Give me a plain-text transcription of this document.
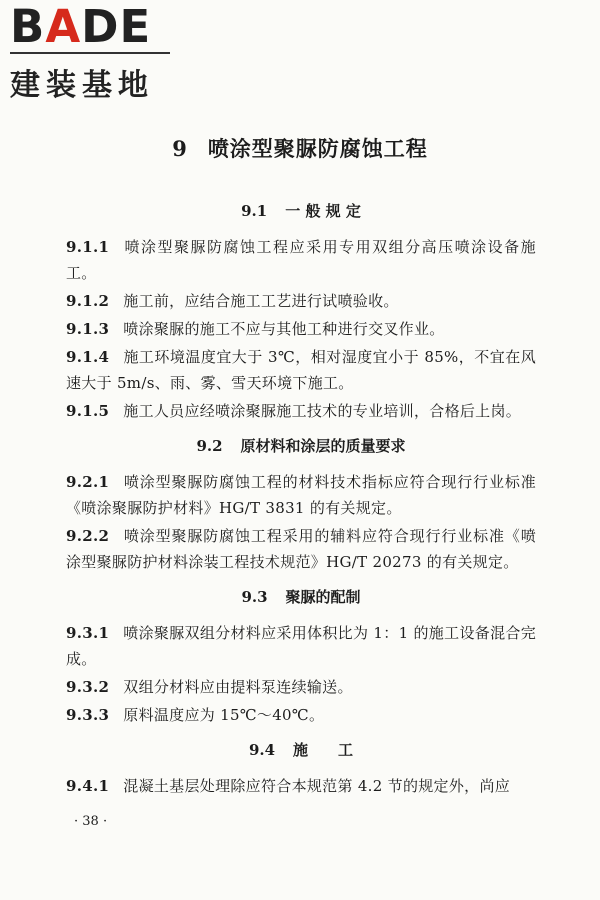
BADE
建装基地
9 喷涂型聚脲防腐蚀工程
9.1 一 般 规 定

9.1.1 喷涂型聚脲防腐蚀工程应采用专用双组分高压喷涂设备施工。

9.1.2 施工前，应结合施工工艺进行试喷验收。

9.1.3 喷涂聚脲的施工不应与其他工种进行交叉作业。

9.1.4 施工环境温度宜大于 3℃，相对湿度宜小于 85%，不宜在风速大于 5m/s、雨、雾、雪天环境下施工。

9.1.5 施工人员应经喷涂聚脲施工技术的专业培训，合格后上岗。

9.2 原材料和涂层的质量要求

9.2.1 喷涂型聚脲防腐蚀工程的材料技术指标应符合现行行业标准《喷涂聚脲防护材料》HG/T 3831 的有关规定。

9.2.2 喷涂型聚脲防腐蚀工程采用的辅料应符合现行行业标准《喷涂型聚脲防护材料涂装工程技术规范》HG/T 20273 的有关规定。

9.3 聚脲的配制

9.3.1 喷涂聚脲双组分材料应采用体积比为 1：1 的施工设备混合完成。

9.3.2 双组分材料应由提料泵连续输送。

9.3.3 原料温度应为 15℃～40℃。

9.4 施　　工

9.4.1 混凝土基层处理除应符合本规范第 4.2 节的规定外，尚应

· 38 ·
